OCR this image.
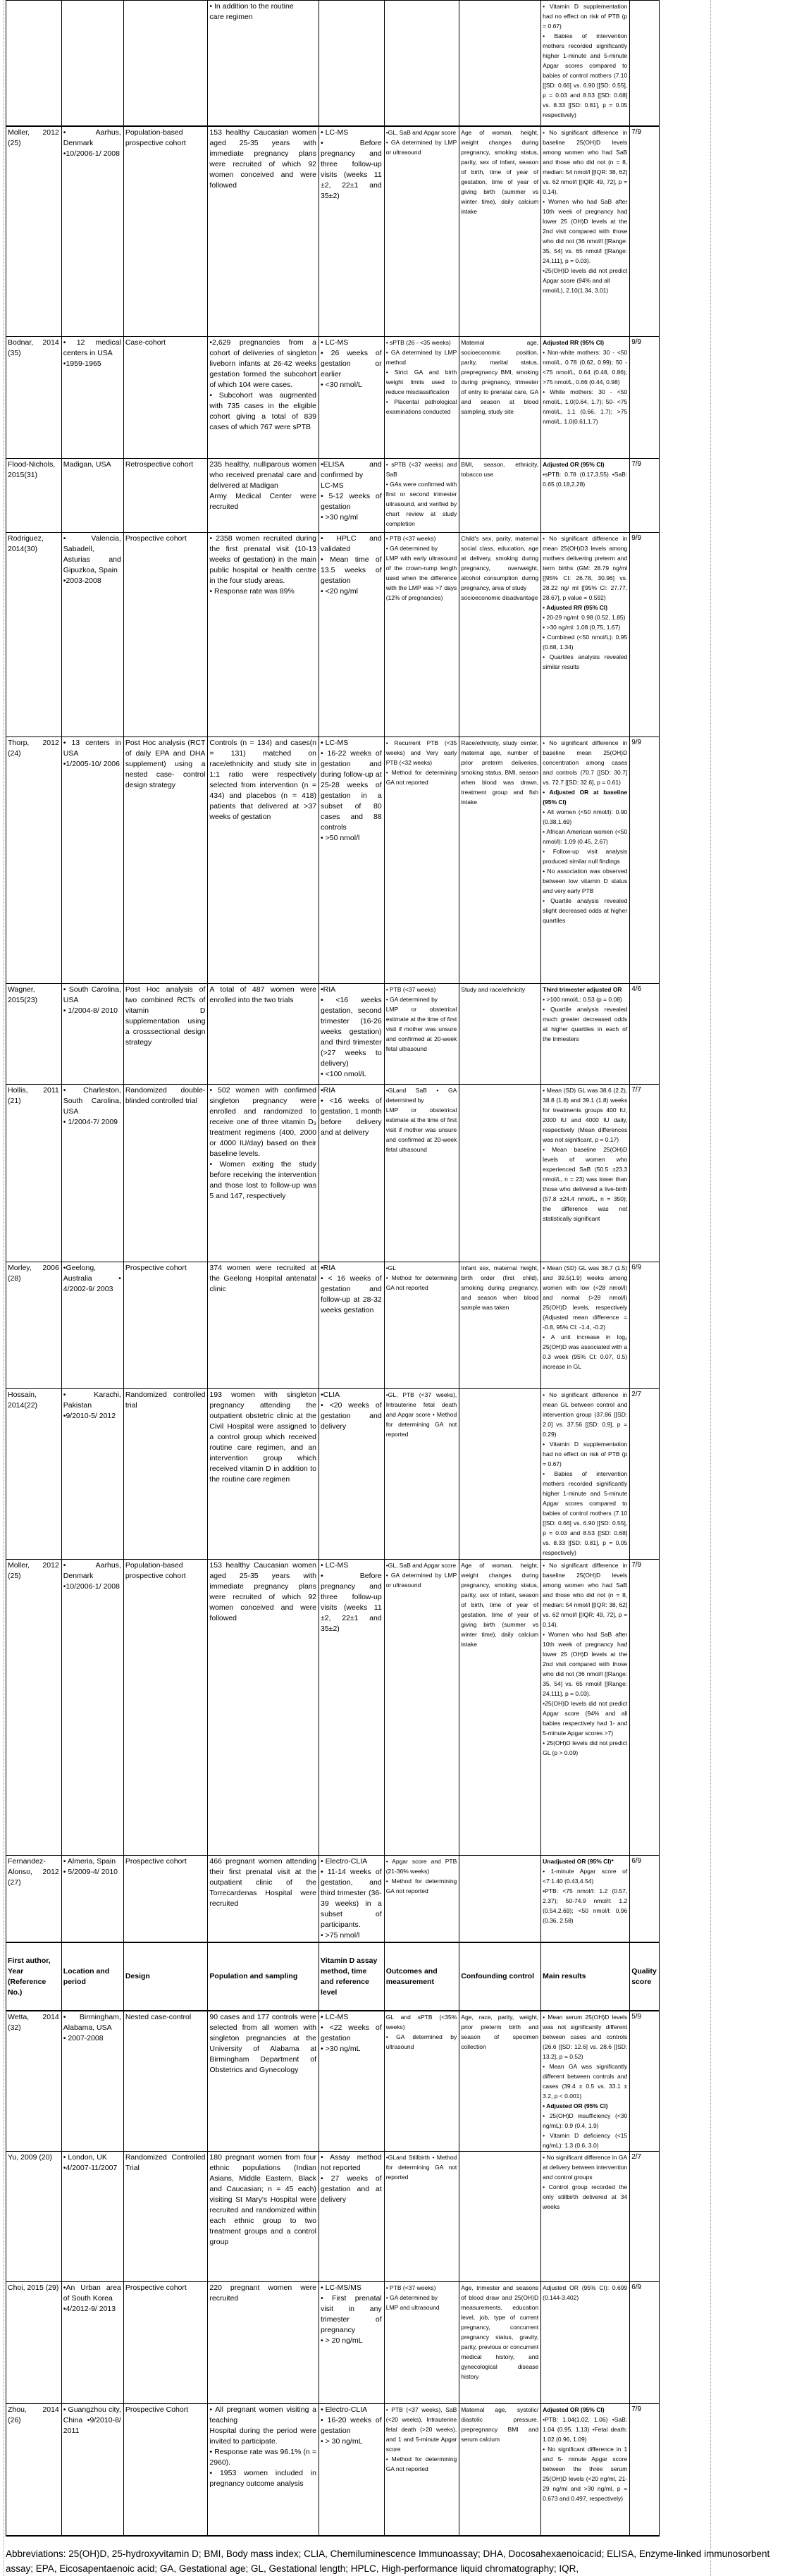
			• In addition to the routine
care regimen				• Vitamin D supplementation had no effect on risk of PTB (p = 0.67)
• Babies of intervention mothers recorded significantly higher 1-minute and 5-minute Apgar scores compared to babies of control mothers (7.10 [[SD: 0.66] vs. 6.90 [[SD: 0.55], p = 0.03 and 8.53 [[SD: 0.68] vs. 8.33 [[SD: 0.81], p = 0.05 respectively)	
Moller, 2012 (25)	• Aarhus, Denmark
•10/2006-1/ 2008	Population-based prospective cohort	153 healthy Caucasian women aged 25-35 years with immediate pregnancy plans were recruited of which 92 women conceived and were followed	• LC-MS
• Before pregnancy and three follow-up visits (weeks 11 ±2, 22±1 and 35±2)	•GL, SaB and Apgar score
• GA determined by LMP or ultrasound	Age of woman, height, weight changes during pregnancy, smoking status, parity, sex of infant, season of birth, time of year of gestation, time of year of giving birth (summer vs winter time), daily calcium intake	• No significant difference in baseline 25(OH)D levels among women who had SaB and those who did not (n = 8, median: 54 nmol/l [[IQR: 38, 62] vs. 62 nmol/l [[IQR: 49, 72], p = 0.14).
• Women who had SaB after 10th week of pregnancy had lower 25 (OH)D levels at the 2nd visit compared with those who did not (36 nmol/l [[Range: 35, 54] vs. 65 nmol/l [[Range: 24,111], p = 0.03).
•25(OH)D levels did not predict Apgar score (94% and all
nmol/L), 2.10(1.34, 3.01)	7/9
Bodnar, 2014 (35)	• 12 medical centers in USA
•1959-1965	Case-cohort	•2,629 pregnancies from a cohort of deliveries of singleton liveborn infants at 26-42 weeks gestation formed the subcohort of which 104 were cases.
• Subcohort was augmented with 735 cases in the eligible cohort giving a total of 839 cases of which 767 were sPTB	• LC-MS
• 26 weeks of gestation or earlier
• <30 nmol/L	• sPTB (26 - <35 weeks)
• GA determined by LMP method
• Strict GA and birth weight limits used to reduce misclassification
• Placental pathological examinations conducted	Maternal age, socioeconomic position, parity, marital status, prepregnancy BMI, smoking during pregnancy, trimester of entry to prenatal care, GA and season at blood sampling, study site	Adjusted RR (95% CI)
• Non-white mothers: 30 - <50 nmol/L, 0.78 (0.62, 0.99); 50 - <75 nmol/L, 0.64 (0.48, 0.86); >75 nmol/L, 0.66 (0.44, 0.98)
• White mothers: 30 - <50 nmol/L, 1.0(0.64, 1.7); 50- <75 nmol/L, 1.1 (0.66, 1.7); >75 nmol/L, 1.0(0.61,1.7)	9/9
Flood-Nichols, 2015(31)	Madigan, USA	Retrospective cohort	235 healthy, nulliparous women who received prenatal care and delivered at Madigan
Army Medical Center were recruited	•ELISA and confirmed by
LC-MS
• 5-12 weeks of gestation
• >30 ng/ml	• sPTB (<37 weeks) and SaB
• GAs were confirmed with first or second trimester ultrasound, and verified by chart review at study completion	BMI, season, ethnicity, tobacco use	Adjusted OR (95% CI)
•sPTB: 0.78 (0.17,3.55) •SaB: 0.65 (0.18,2.28)	7/9
Rodriguez, 2014(30)	• Valencia, Sabadell, Asturias and Gipuzkoa, Spain
•2003-2008	Prospective cohort	• 2358 women recruited during the first prenatal visit (10-13 weeks of gestation) in the main public hospital or health centre in the four study areas.
• Response rate was 89%	• HPLC and validated
• Mean time of 13.5 weeks of gestation
• <20 ng/ml	• PTB (<37 weeks)
• GA determined by
LMP with early ultrasound of the crown-rump length used when the difference with the LMP was >7 days (12% of pregnancies)	Child's sex, parity, maternal social class, education, age at delivery, smoking during pregnancy, overweight, alcohol consumption during pregnancy, area of study
socioeconomic disadvantage	• No significant difference in mean 25(OH)D3 levels among mothers delivering preterm and term births (GM: 28.79 ng/ml [[95% CI: 26.78, 30.96] vs. 28.22 ng/ ml [[95% CI: 27.77, 28.67], p value = 0.592)
• Adjusted RR (95% CI)
• 20-29 ng/ml: 0.98 (0.52, 1.85)
• >30 ng/ml: 1.08 (0.75, 1.67)
• Combined (<50 nmol/L): 0.95 (0.68, 1.34)
• Quartiles analysis revealed similar results	9/9
Thorp, 2012 (24)	• 13 centers in USA
•1/2005-10/ 2006	Post Hoc analysis (RCT of daily EPA and DHA supplement) using a nested case- control design strategy	Controls (n = 134) and cases(n = 131) matched on race/ethnicity and study site in 1:1 ratio were respectively selected from intervention (n = 434) and placebos (n = 418) patients that delivered at >37 weeks of gestation	• LC-MS
• 16-22 weeks of gestation and during follow-up at 25-28 weeks of gestation in a subset of 80 cases and 88 controls
• >50 nmol/l	• Recurrent PTB (<35 weeks) and Very early PTB (<32 weeks)
• Method for determining GA not reported	Race/ethnicity, study center, maternal age, number of prior preterm deliveries, smoking status, BMI, season when blood was drawn, treatment group and fish intake	• No significant difference in baseline mean 25(OH)D concentration among cases and controls (70.7 [[SD: 30.7] vs. 72.7 [[SD: 32.6], p = 0.61)
• Adjusted OR at baseline (95% CI)
• All women (<50 nmol/l): 0.90 (0.38,1.69)
• African American women (<50 nmol/l): 1.09 (0.45, 2.67)
• Follow-up visit analysis produced similar null findings
• No association was observed between low vitamin D status and very early PTB
• Quartile analysis revealed slight decreased odds at higher quartiles	9/9
Wagner, 2015(23)	• South Carolina, USA
• 1/2004-8/ 2010	Post Hoc analysis of two combined RCTs of vitamin D supplementation using a crosssectional design strategy	A total of 487 women were enrolled into the two trials	•RIA
• <16 weeks gestation, second trimester (16-26 weeks gestation) and third trimester (>27 weeks to delivery)
• <100 nmol/L	• PTB (<37 weeks)
• GA determined by
LMP or obstetrical estimate at the time of first visit if mother was unsure and confirmed at 20-week fetal ultrasound	Study and race/ethnicity	Third trimester adjusted OR
• >100 nmol/L: 0.53 (p = 0.08)
• Quartile analysis revealed much greater decreased odds at higher quartiles in each of the trimesters	4/6
Hollis, 2011 (21)	• Charleston, South Carolina, USA
• 1/2004-7/ 2009	Randomized double-blinded controlled trial	• 502 women with confirmed singleton pregnancy were enrolled and randomized to receive one of three vitamin D₃ treatment regimens (400, 2000 or 4000 IU/day) based on their baseline levels.
• Women exiting the study before receiving the intervention and those lost to follow-up was 5 and 147, respectively	•RIA
• <16 weeks of gestation, 1 month before delivery and at delivery	•GLand SaB • GA determined by
LMP or obstetrical estimate at the time of first visit if mother was unsure and confirmed at 20-week fetal ultrasound		• Mean (SD) GL was 38.6 (2.2), 38.8 (1.8) and 39.1 (1.8) weeks for treatments groups 400 IU, 2000 IU and 4000 IU daily, respectively (Mean differences was not significant, p = 0.17)
• Mean baseline 25(OH)D levels of women who experienced SaB (50.5 ±23.3 nmol/L, n = 23) was lower than those who delivered a live-birth (57.8 ±24.4 nmol/L, n = 350); the difference was not statistically significant	7/7
Morley, 2006 (28)	•Geelong, Australia • 4/2002-9/ 2003	Prospective cohort	374 women were recruited at the Geelong Hospital antenatal clinic	•RIA
• < 16 weeks of gestation and follow-up at 28-32 weeks gestation	•GL
• Method for determining GA not reported	Infant sex, maternal height, birth order (first child), smoking during pregnancy, and season when blood sample was taken	• Mean (SD) GL was 38.7 (1.5) and 39.5(1.9) weeks among women with low (<28 nmol/l) and normal (>28 nmol/l) 25(OH)D levels, respectively (Adjusted mean difference = -0.8, 95% CI: -1.4, -0.2)
• A unit increase in log₂ 25(OH)D was associated with a 0.3 week (95% CI: 0.07, 0.5) increase in GL	6/9
Hossain, 2014(22)	• Karachi, Pakistan
•9/2010-5/ 2012	Randomized controlled trial	193 women with singleton pregnancy attending the outpatient obstetric clinic at the Civil Hospital were assigned to a control group which received routine care regimen, and an intervention group which received vitamin D in addition to the routine care regimen	•CLIA
• <20 weeks of gestation and delivery	•GL, PTB (<37 weeks), Intrauterine fetal death and Apgar score • Method for determining GA not reported		• No significant difference in mean GL between control and intervention group (37.86 [[SD: 2.0] vs. 37.56 [[SD: 0.9], p = 0.29)
• Vitamin D supplementation had no effect on risk of PTB (p = 0.67)
• Babies of intervention mothers recorded significantly higher 1-minute and 5-minute Apgar scores compared to babies of control mothers (7.10 [[SD: 0.66] vs. 6.90 [[SD: 0.55], p = 0.03 and 8.53 [[SD: 0.68] vs. 8.33 [[SD: 0.81], p = 0.05 respectively)	2/7
Moller, 2012 (25)	• Aarhus, Denmark
•10/2006-1/ 2008	Population-based prospective cohort	153 healthy Caucasian women aged 25-35 years with immediate pregnancy plans were recruited of which 92 women conceived and were followed	• LC-MS
• Before pregnancy and three follow-up visits (weeks 11 ±2, 22±1 and 35±2)	•GL, SaB and Apgar score
• GA determined by LMP or ultrasound	Age of woman, height, weight changes during pregnancy, smoking status, parity, sex of infant, season of birth, time of year of gestation, time of year of giving birth (summer vs winter time), daily calcium intake	• No significant difference in baseline 25(OH)D levels among women who had SaB and those who did not (n = 8, median: 54 nmol/l [[IQR: 38, 62] vs. 62 nmol/l [[IQR: 49, 72], p = 0.14).
• Women who had SaB after 10th week of pregnancy had lower 25 (OH)D levels at the 2nd visit compared with those who did not (36 nmol/l [[Range: 35, 54] vs. 65 nmol/l [[Range: 24,111], p = 0.03).
•25(OH)D levels did not predict Apgar score (94% and all babies respectively had 1- and 5-minute Apgar scores >7)
• 25(OH)D levels did not predict GL (p > 0.09)	7/9
Fernandez-Alonso, 2012 (27)	• Almeria, Spain
• 5/2009-4/ 2010	Prospective cohort	466 pregnant women attending their first prenatal visit at the outpatient clinic of the Torrecardenas Hospital were recruited	• Electro-CLIA
• 11-14 weeks of gestation, and third trimester (36-39 weeks) in a subset of participants.
• >75 nmol/l	• Apgar score and PTB (21-36% weeks)
• Method for determining GA not reported		Unadjusted OR (95% CI)*
• 1-minute Apgar score of <7:1.40 (0.43,4.54)
•PTB: <75 nmol/l: 1.2 (0.57, 2.37); 50-74.9 nmol/l: 1.2 (0.54,2.69); <50 nmol/l: 0.96 (0.36, 2.58)	6/9
First author, Year (Reference No.)	Location and period	Design	Population and sampling	Vitamin D assay method, time and reference level	Outcomes and measurement	Confounding control	Main results	Quality score
Wetta, 2014 (32)	• Birmingham, Alabama, USA
• 2007-2008	Nested case-control	90 cases and 177 controls were selected from all women with singleton pregnancies at the University of Alabama at Birmingham Department of Obstetrics and Gynecology	• LC-MS
• <22 weeks of gestation
• >30 ng/mL	GL and sPTB (<35% weeks)
• GA determined by ultrasound	Age, race, parity, weight, prior preterm birth and season of specimen collection	• Mean serum 25(OH)D levels was not significantly different between cases and controls (26.6 [[SD: 12.6] vs. 28.6 [[SD: 13.2], p = 0.52)
• Mean GA was significantly different between controls and cases (39.4 ± 0.5 vs. 33.1 ± 3.2, p < 0.001)
• Adjusted OR (95% CI)
• 25(OH)D insufficiency (<30 ng/mL): 0.9 (0.4, 1.9)
• Vitamin D deficiency (<15 ng/mL): 1.3 (0.6, 3.0)	5/9
Yu, 2009 (20)	• London, UK
•4/2007-11/2007	Randomized Controlled Trial	180 pregnant women from four ethnic populations (Indian Asians, Middle Eastern, Black and Caucasian; n = 45 each) visiting St Mary's Hospital were recruited and randomized within each ethnic group to two treatment groups and a control group	• Assay method not reported
• 27 weeks of gestation and at delivery	•GLand Stillbirth • Method for determining GA not reported		• No significant difference in GA at delivery between intervention and control groups
• Control group recorded the only stillbirth delivered at 34 weeks	2/7
Choi, 2015 (29)	•An Urban area of South Korea
•4/2012-9/ 2013	Prospective cohort	220 pregnant women were recruited	• LC-MS/MS
• First prenatal visit in any trimester of pregnancy
• > 20 ng/mL	• PTB (<37 weeks)
• GA determined by
LMP and ultrasound	Age, trimester and seasons of blood draw and 25(OH)D measurements, education level, job, type of current pregnancy, concurrent pregnancy status, gravity, parity, previous or concurrent medical history, and gynecological disease history	Adjusted OR (95% CI): 0.699 (0.144-3.402)	6/9
Zhou, 2014 (26)	• Guangzhou city, China •9/2010-8/ 2011	Prospective Cohort	• All pregnant women visiting a teaching
Hospital during the period were invited to participate.
• Response rate was 96.1% (n = 2960).
• 1953 women included in pregnancy outcome analysis	• Electro-CLIA
• 16-20 weeks of gestation
• > 30 ng/mL	• PTB (<37 weeks), SaB (<20 weeks), Intrauterine fetal death (>20 weeks), and 1 and 5-minute Apgar score
• Method for determining GA not reported	Maternal age, systolic/ diastolic pressure, prepregnancy BMI and serum calcium	Adjusted OR (95% CI)
•PTB: 1.04(1.02, 1.06) •SaB: 1.04 (0.95, 1.13) •Fetal death: 1.02 (0.96, 1.09)
• No significant difference in 1 and 5- minute Apgar score between the three serum 25(OH)D levels (<20 ng/ml, 21-29 ng/ml and >30 ng/ml, p = 0.673 and 0.497, respectively)	7/9
Abbreviations: 25(OH)D, 25-hydroxyvitamin D; BMI, Body mass index; CLIA, Chemiluminescence Immunoassay; DHA, Docosahexaenoicacid; ELISA, Enzyme-linked immunosorbent assay; EPA, Eicosapentaenoic acid; GA, Gestational age; GL, Gestational length; HPLC, High-performance liquid chromatography; IQR,
